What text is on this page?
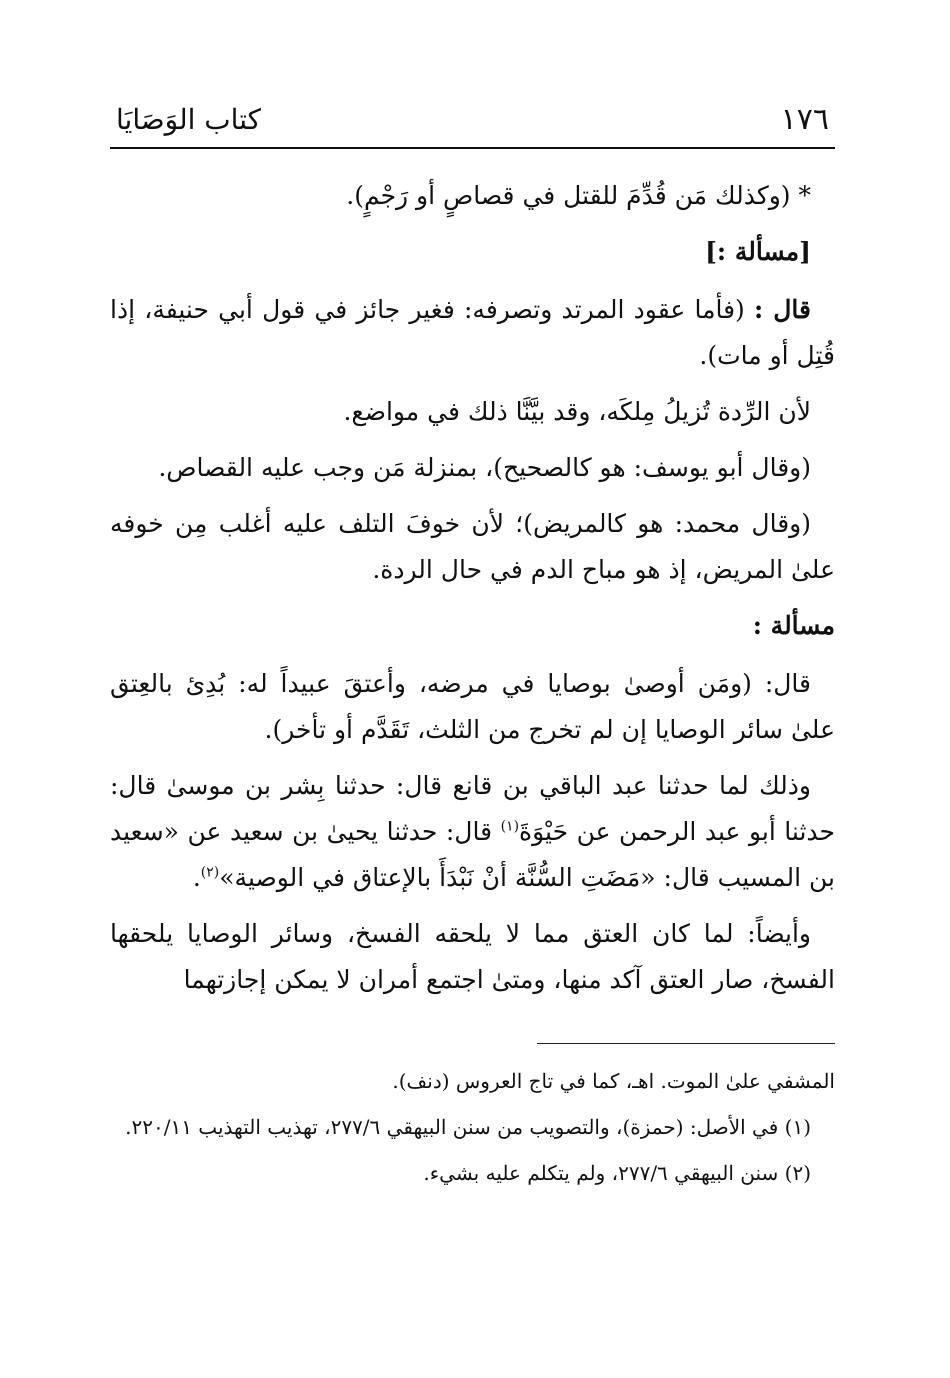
١٧٦
كتاب الوَصَايَا

* (وكذلك مَن قُدِّمَ للقتل في قصاصٍ أو رَجْمٍ).

[مسألة :]

قال : (فأما عقود المرتد وتصرفه: فغير جائز في قول أبي حنيفة، إذا قُتِل أو مات).

لأن الرِّدة تُزيلُ مِلكَه، وقد بيَّنَّا ذلك في مواضع.

(وقال أبو يوسف: هو كالصحيح)، بمنزلة مَن وجب عليه القصاص.

(وقال محمد: هو كالمريض)؛ لأن خوفَ التلف عليه أغلب مِن خوفه علىٰ المريض، إذ هو مباح الدم في حال الردة.

مسألة :

قال: (ومَن أوصىٰ بوصايا في مرضه، وأعتقَ عبيداً له: بُدِئ بالعِتق علىٰ سائر الوصايا إن لم تخرج من الثلث، تَقَدَّم أو تأخر).

وذلك لما حدثنا عبد الباقي بن قانع قال: حدثنا بِشر بن موسىٰ قال: حدثنا أبو عبد الرحمن عن حَيْوَةَ$^{(١)}$ قال: حدثنا يحيىٰ بن سعيد عن «سعيد بن المسيب قال: «مَضَتِ السُّنَّة أنْ نَبْدَأَ بالإعتاق في الوصية»$^{(٢)}$.

وأيضاً: لما كان العتق مما لا يلحقه الفسخ، وسائر الوصايا يلحقها الفسخ، صار العتق آكد منها، ومتىٰ اجتمع أمران لا يمكن إجازتهما

المشفي علىٰ الموت. اهـ، كما في تاج العروس (دنف).

(١) في الأصل: (حمزة)، والتصويب من سنن البيهقي ٢٧٧/٦، تهذيب التهذيب ٢٢٠/١١.

(٢) سنن البيهقي ٢٧٧/٦، ولم يتكلم عليه بشيء.
